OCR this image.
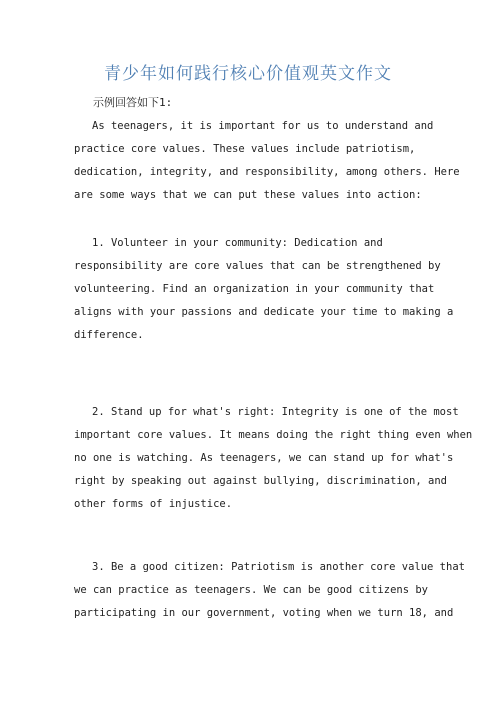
青少年如何践行核心价值观英文作文
示例回答如下1:
As teenagers, it is important for us to understand and
practice core values. These values include patriotism,
dedication, integrity, and responsibility, among others. Here
are some ways that we can put these values into action:
1. Volunteer in your community: Dedication and
responsibility are core values that can be strengthened by
volunteering. Find an organization in your community that
aligns with your passions and dedicate your time to making a
difference.
2. Stand up for what's right: Integrity is one of the most
important core values. It means doing the right thing even when
no one is watching. As teenagers, we can stand up for what's
right by speaking out against bullying, discrimination, and
other forms of injustice.
3. Be a good citizen: Patriotism is another core value that
we can practice as teenagers. We can be good citizens by
participating in our government, voting when we turn 18, and
